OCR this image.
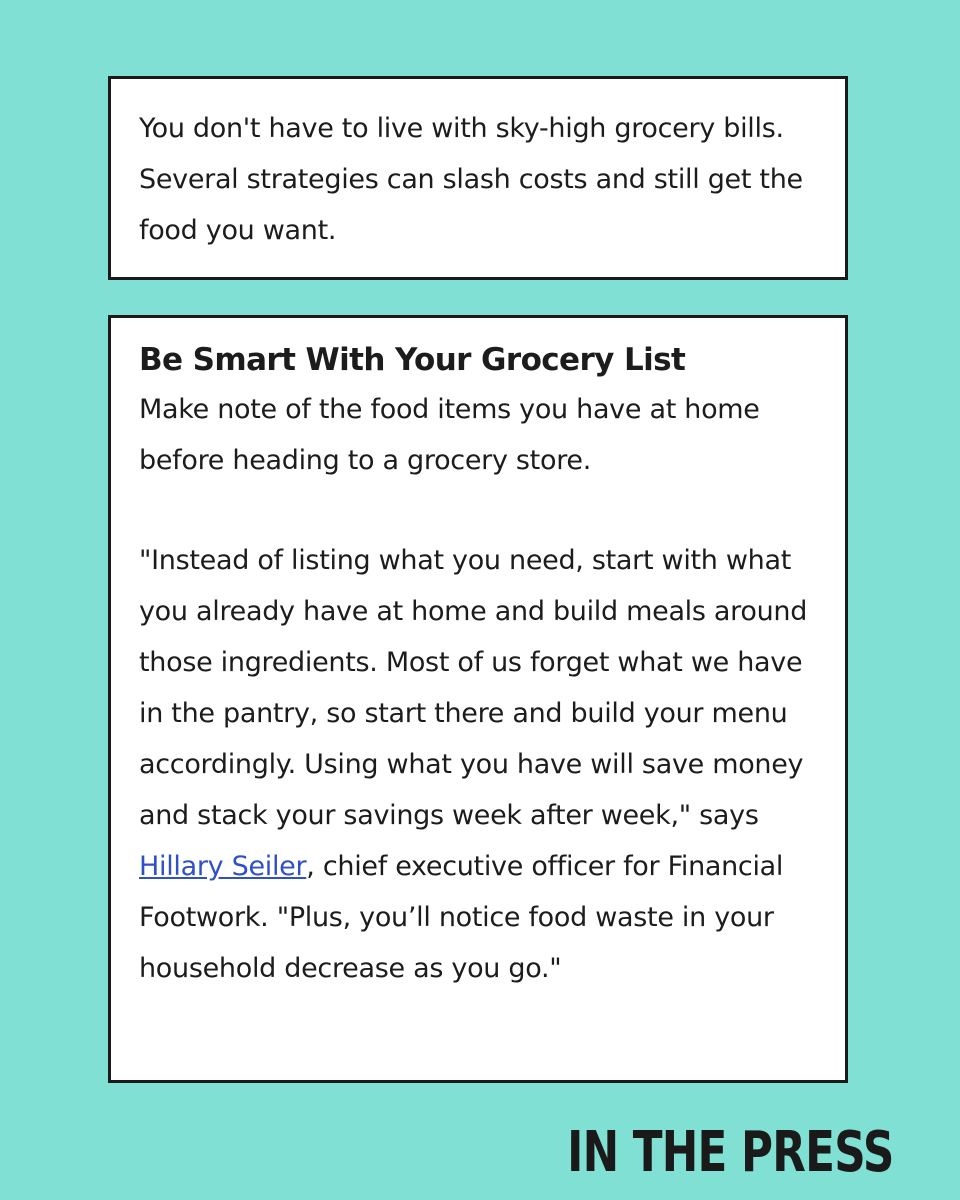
You don't have to live with sky-high grocery bills. Several strategies can slash costs and still get the food you want.

Be Smart With Your Grocery List

Make note of the food items you have at home before heading to a grocery store.

"Instead of listing what you need, start with what you already have at home and build meals around those ingredients. Most of us forget what we have in the pantry, so start there and build your menu accordingly. Using what you have will save money and stack your savings week after week," says Hillary Seiler, chief executive officer for Financial Footwork. "Plus, you’ll notice food waste in your household decrease as you go."

IN THE PRESS
